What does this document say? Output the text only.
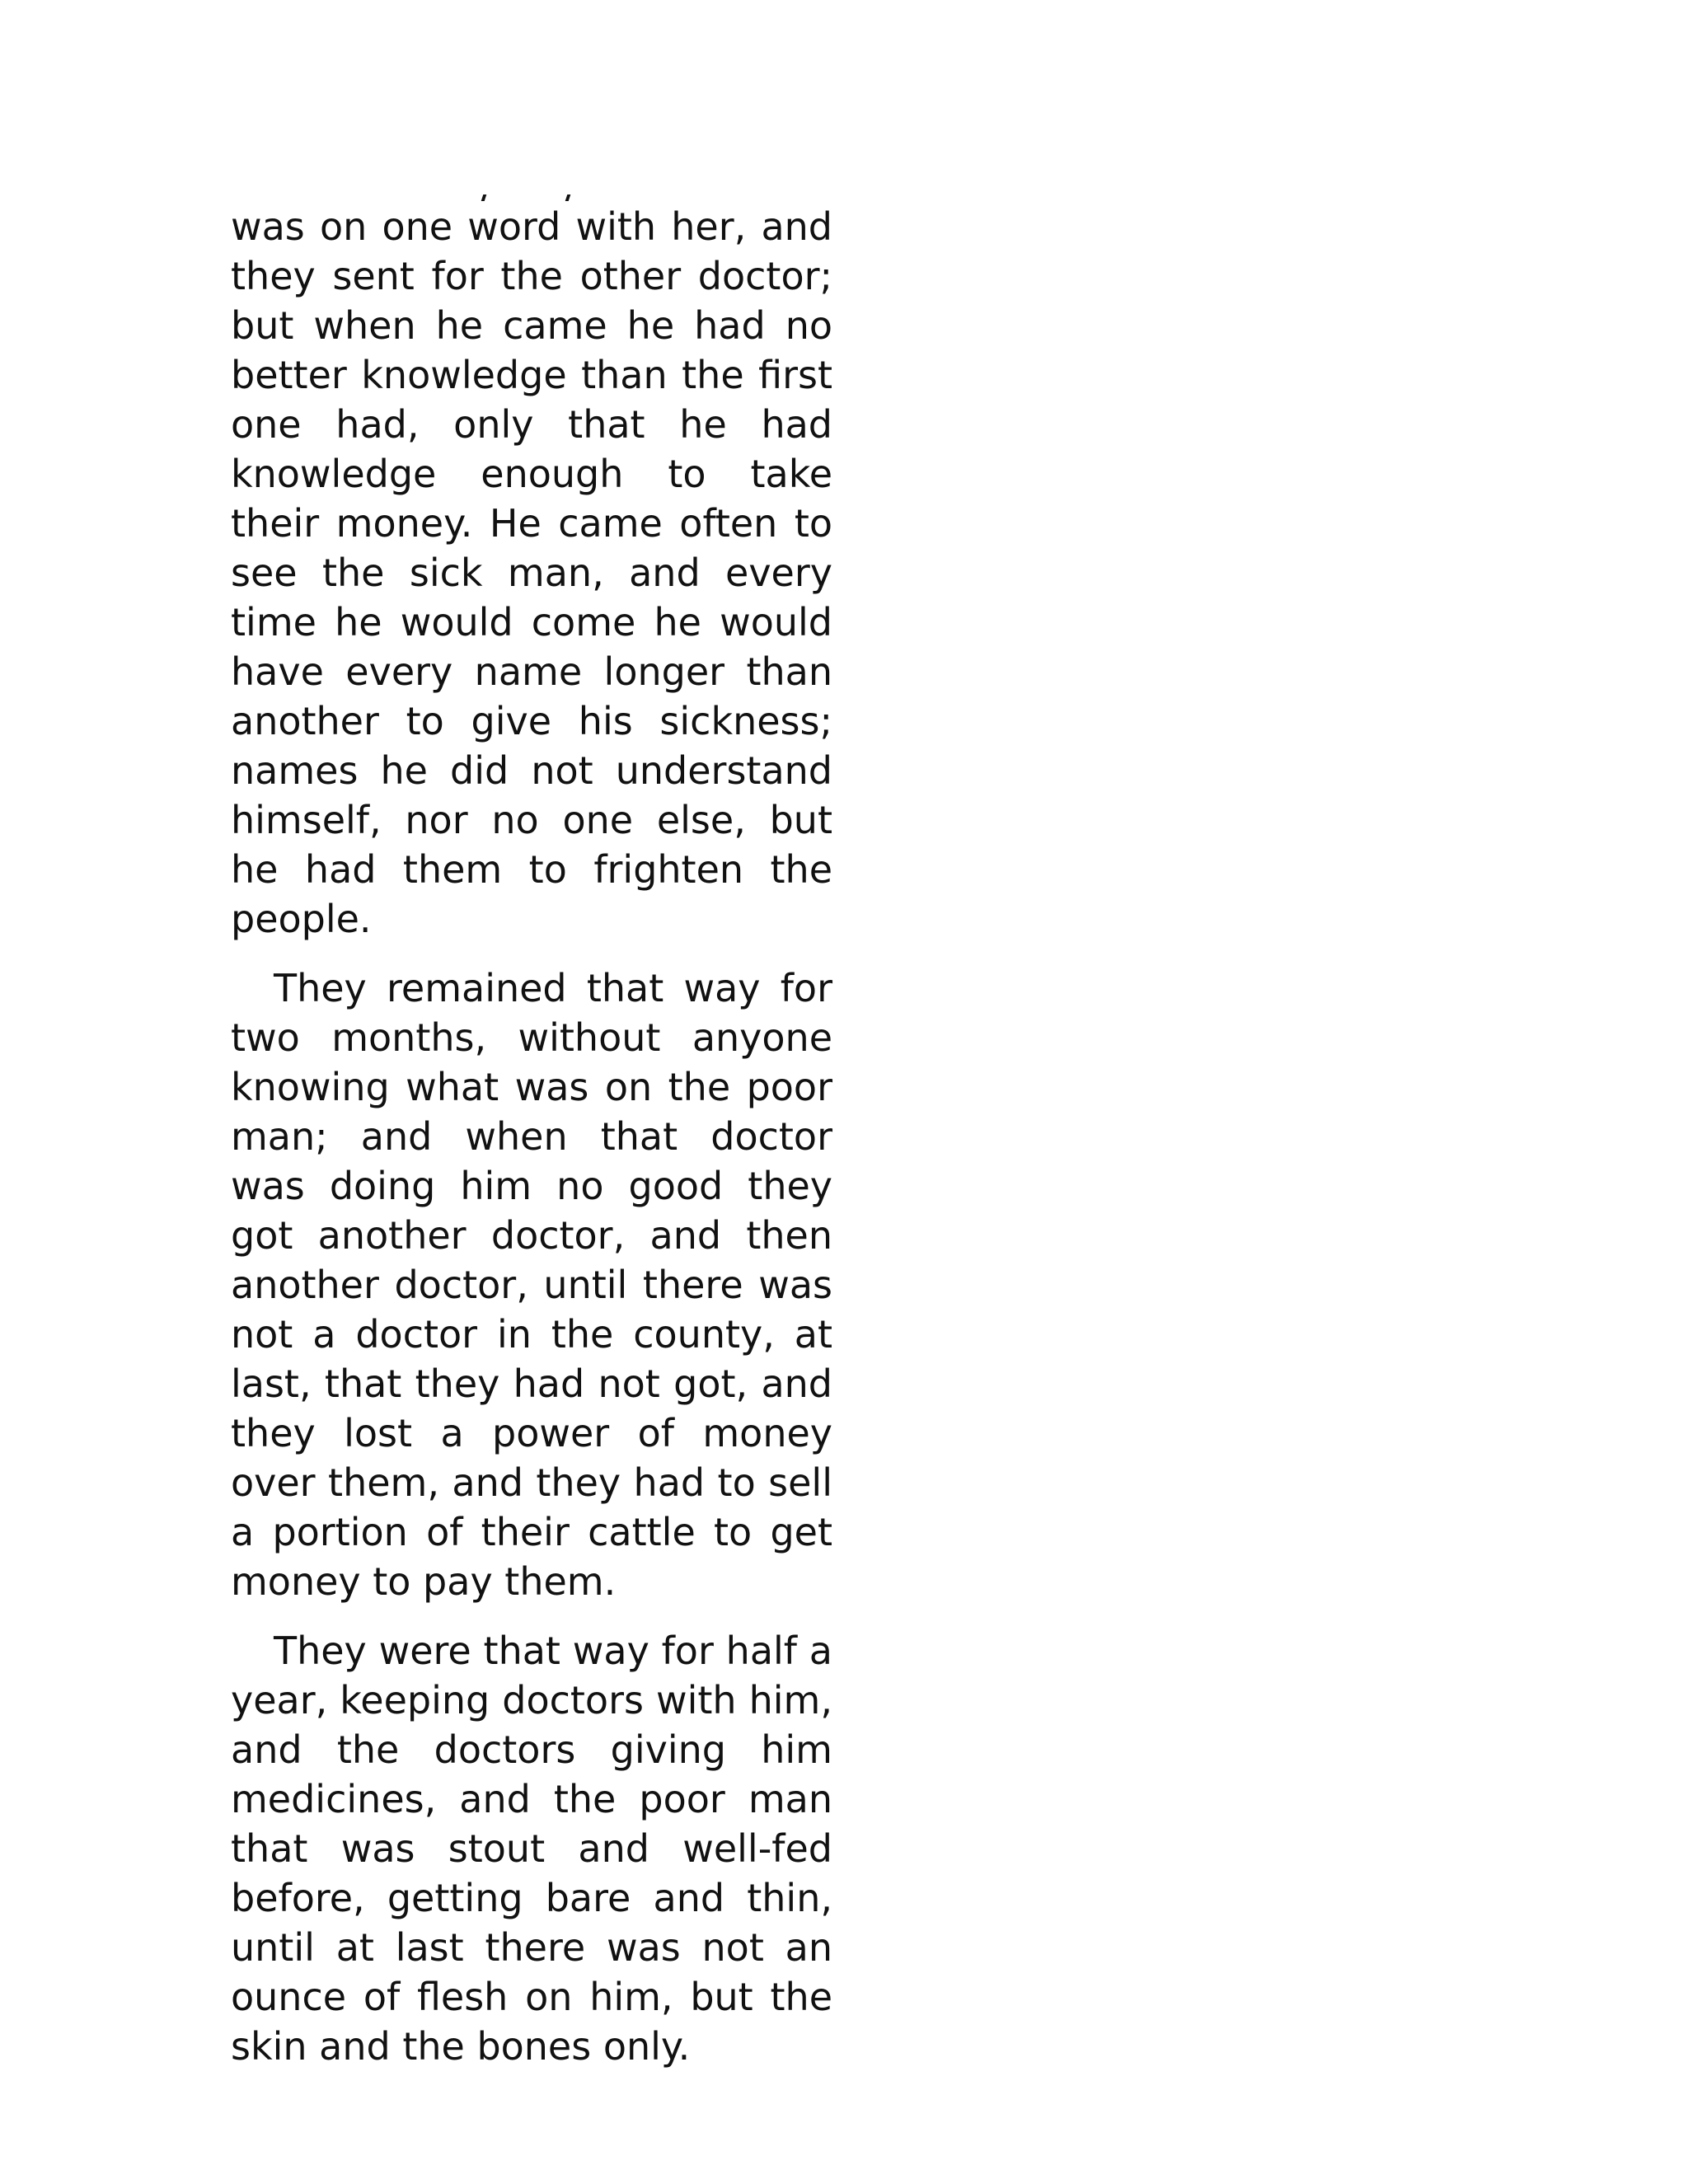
was on one word with her, and they sent for the other doctor; but when he came he had no better knowledge than the first one had, only that he had knowledge enough to take their money. He came often to see the sick man, and every time he would come he would have every name longer than another to give his sickness; names he did not understand himself, nor no one else, but he had them to frighten the people.

They remained that way for two months, without anyone knowing what was on the poor man; and when that doctor was doing him no good they got another doctor, and then another doctor, until there was not a doctor in the county, at last, that they had not got, and they lost a power of money over them, and they had to sell a portion of their cattle to get money to pay them.

They were that way for half a year, keeping doctors with him, and the doctors giving him medicines, and the poor man that was stout and well-fed before, getting bare and thin, until at last there was not an ounce of flesh on him, but the skin and the bones only.
